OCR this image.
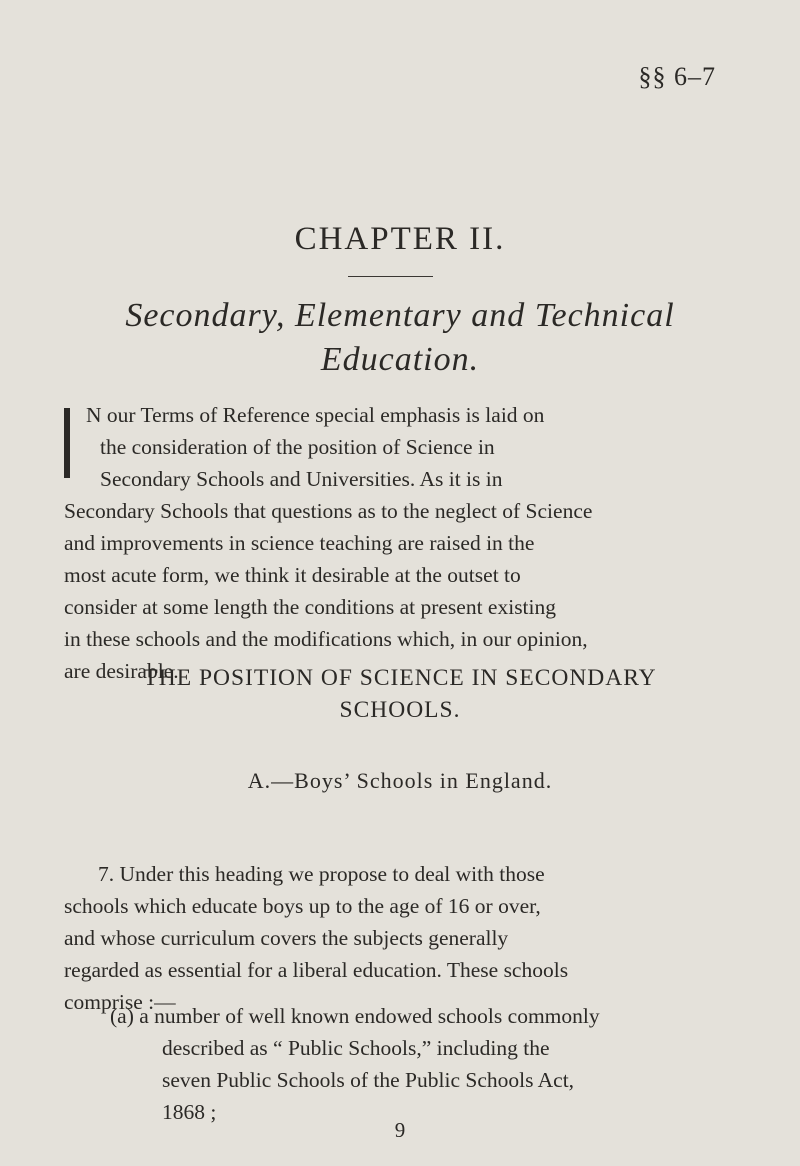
§§ 6–7
CHAPTER II.
Secondary, Elementary and Technical
Education.
N our Terms of Reference special emphasis is laid on
the consideration of the position of Science in
Secondary Schools and Universities. As it is in
Secondary Schools that questions as to the neglect of Science
and improvements in science teaching are raised in the
most acute form, we think it desirable at the outset to
consider at some length the conditions at present existing
in these schools and the modifications which, in our opinion,
are desirable.
THE POSITION OF SCIENCE IN SECONDARY
SCHOOLS.
A.—Boys’ Schools in England.
7. Under this heading we propose to deal with those
schools which educate boys up to the age of 16 or over,
and whose curriculum covers the subjects generally
regarded as essential for a liberal education. These schools
comprise :—
(a) a number of well known endowed schools commonly
described as “ Public Schools,” including the
seven Public Schools of the Public Schools Act,
1868 ;
9
